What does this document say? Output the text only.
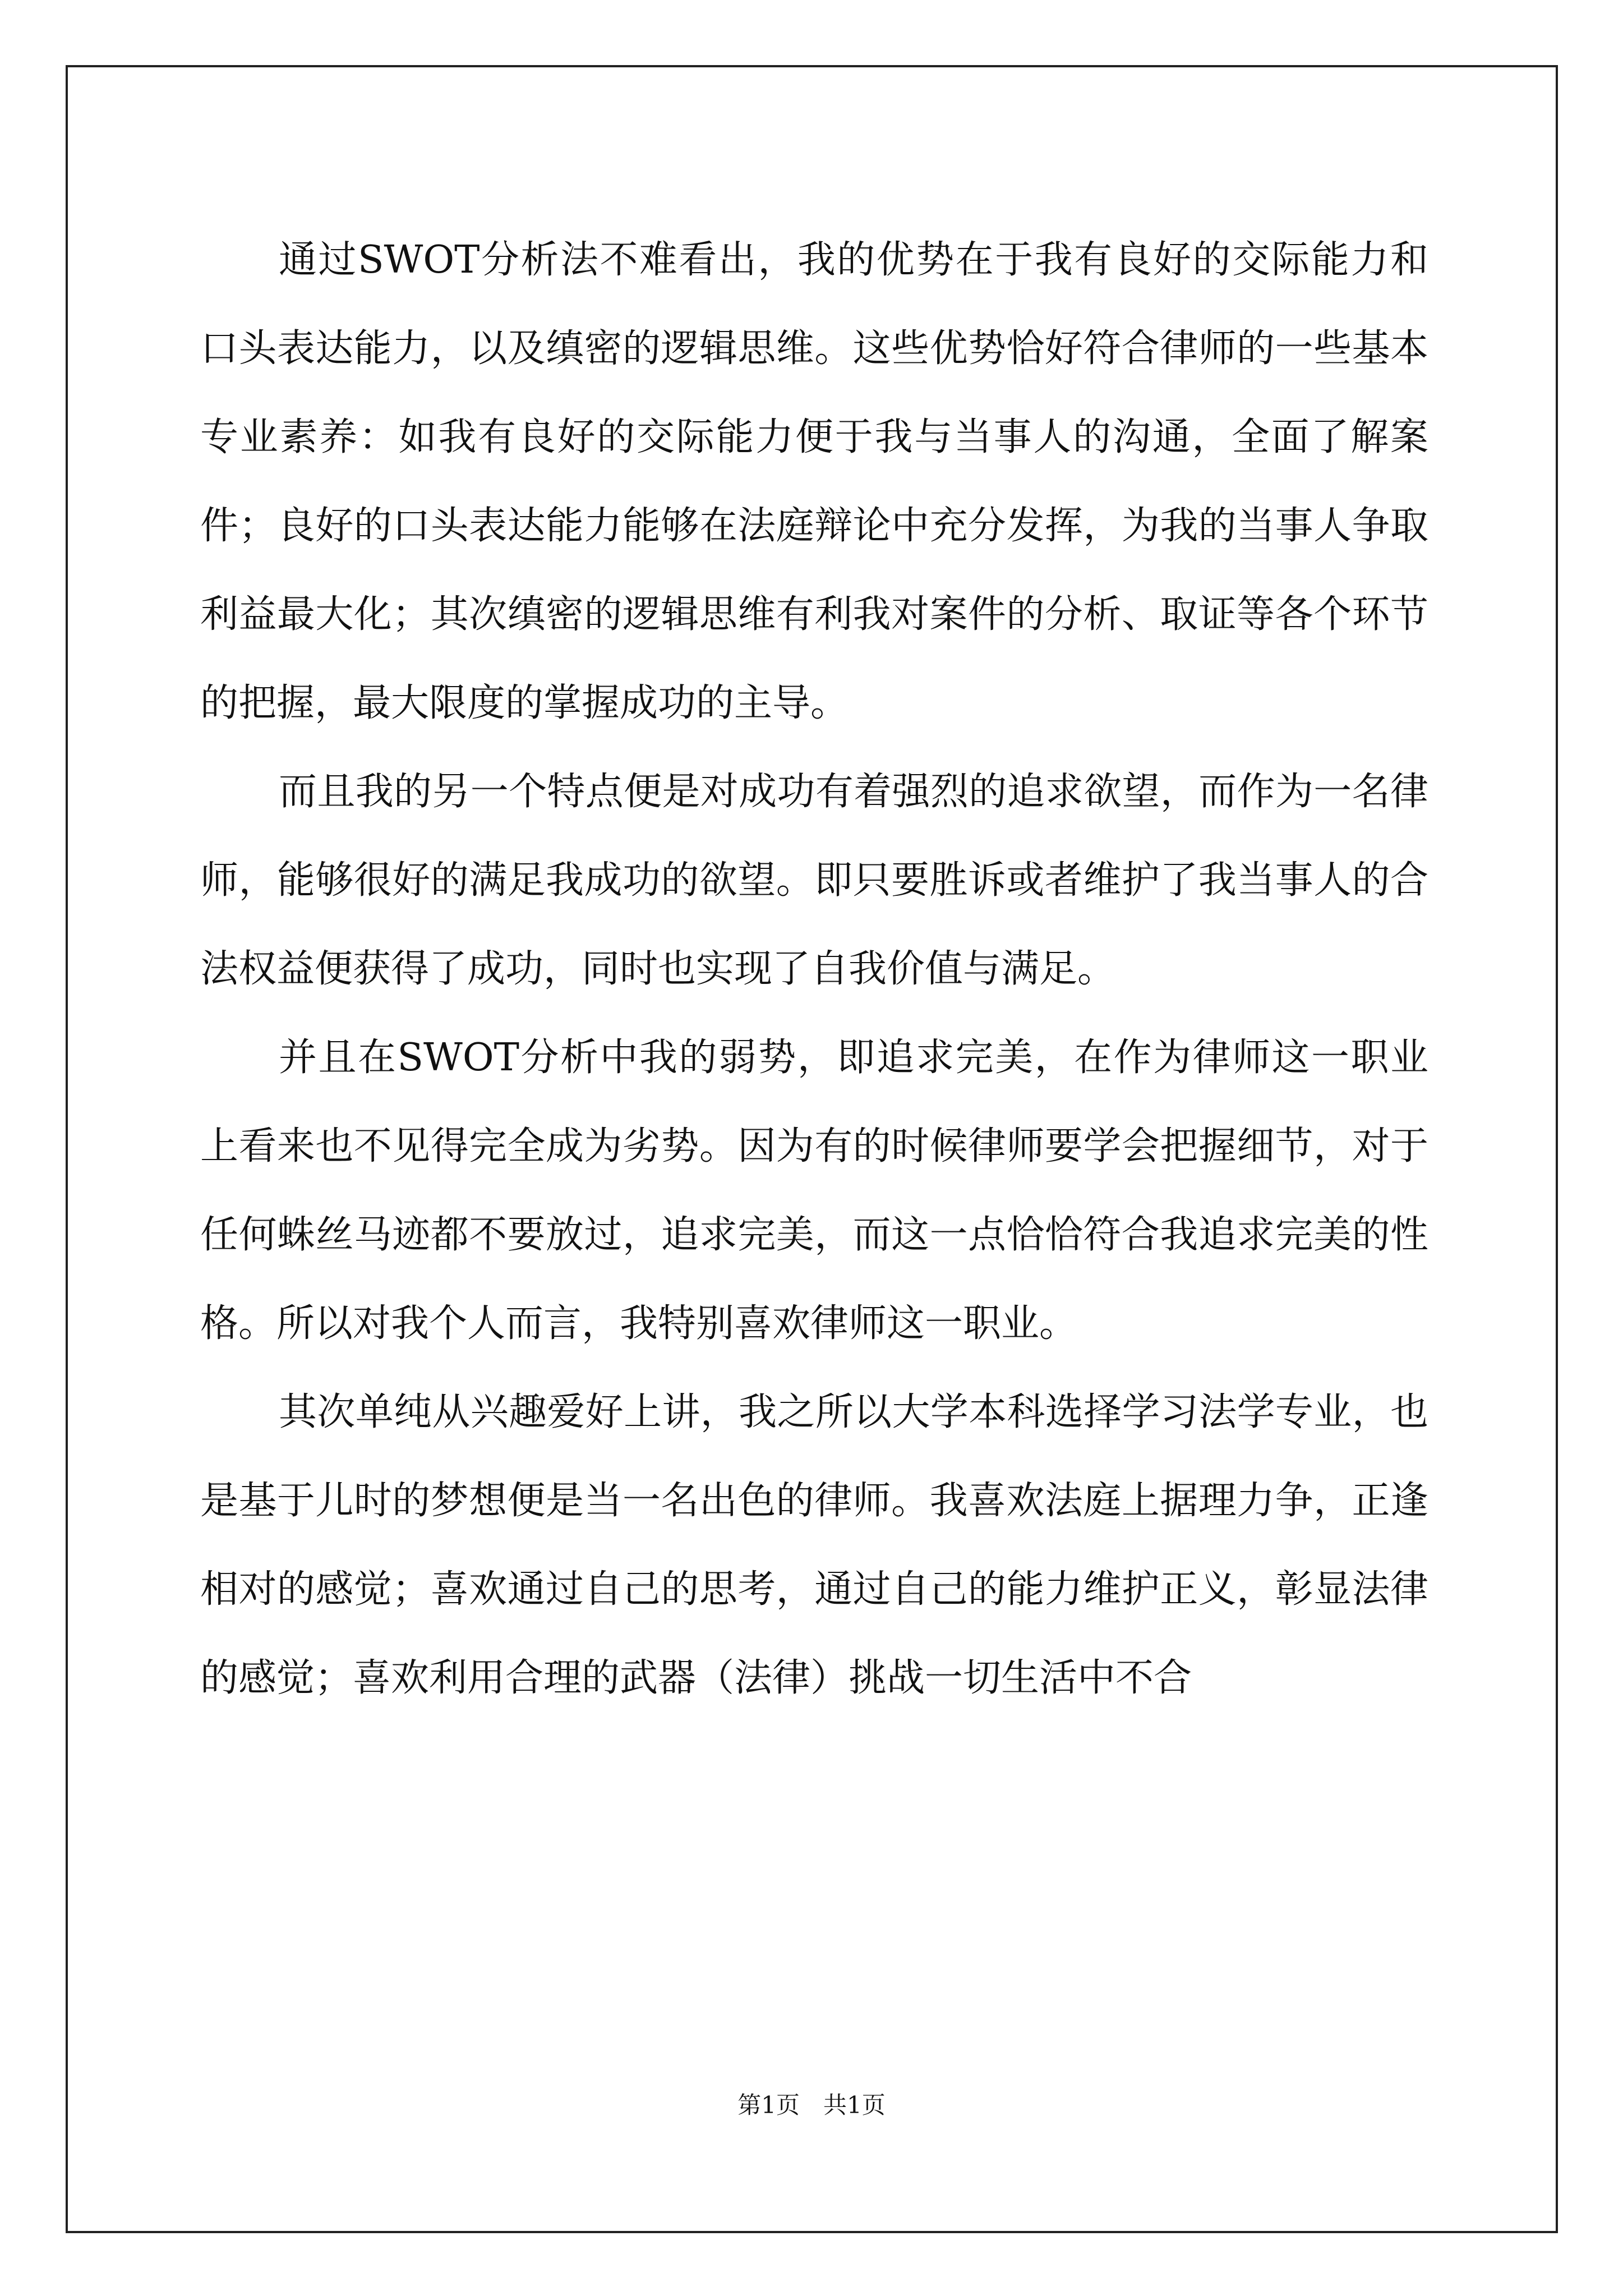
通过SWOT分析法不难看出，我的优势在于我有良好的交际能力和口头表达能力，以及缜密的逻辑思维。这些优势恰好符合律师的一些基本专业素养：如我有良好的交际能力便于我与当事人的沟通，全面了解案件；良好的口头表达能力能够在法庭辩论中充分发挥，为我的当事人争取利益最大化；其次缜密的逻辑思维有利我对案件的分析、取证等各个环节的把握，最大限度的掌握成功的主导。

而且我的另一个特点便是对成功有着强烈的追求欲望，而作为一名律师，能够很好的满足我成功的欲望。即只要胜诉或者维护了我当事人的合法权益便获得了成功，同时也实现了自我价值与满足。

并且在SWOT分析中我的弱势，即追求完美，在作为律师这一职业上看来也不见得完全成为劣势。因为有的时候律师要学会把握细节，对于任何蛛丝马迹都不要放过，追求完美，而这一点恰恰符合我追求完美的性格。所以对我个人而言，我特别喜欢律师这一职业。

其次单纯从兴趣爱好上讲，我之所以大学本科选择学习法学专业，也是基于儿时的梦想便是当一名出色的律师。我喜欢法庭上据理力争，正逢相对的感觉；喜欢通过自己的思考，通过自己的能力维护正义，彰显法律的感觉；喜欢利用合理的武器（法律）挑战一切生活中不合

第1页　共1页
